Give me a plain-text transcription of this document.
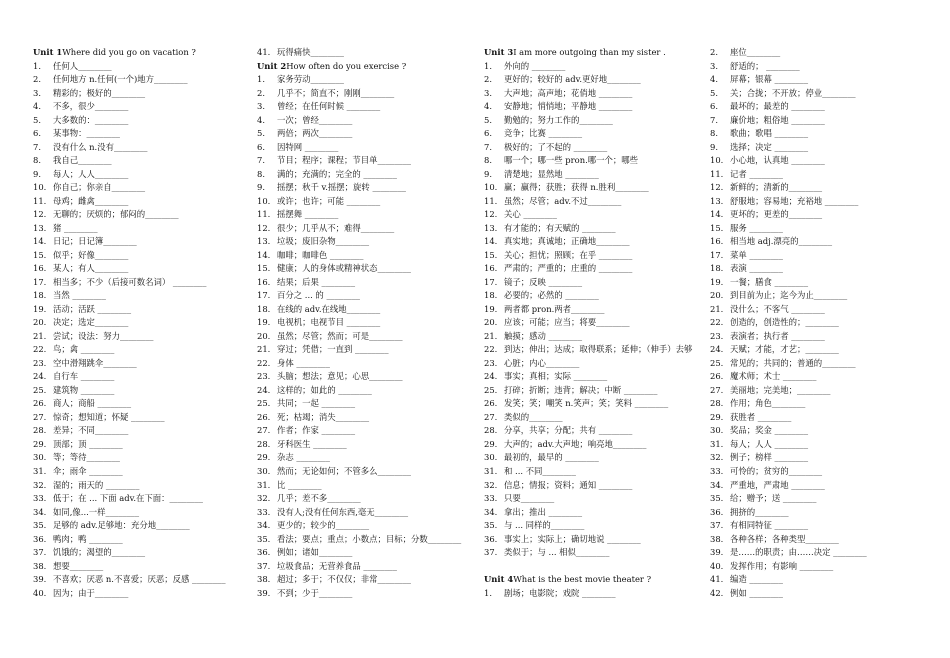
Unit 1 Where did you go on vacation ?
1.	任何人________
2.	任何地方 n.任何(一个)地方________
3.	精彩的；极好的________
4.	不多，很少________
5.	大多数的：________
6.	某事物：________
7.	没有什么 n.没有________
8.	我自己________
9.	每人；人人________
10. 你自己；你亲自________
11. 母鸡；雌禽________
12. 无聊的；厌烦的；郁闷的________
13. 猪 ________
14. 日记；日记簿________
15. 似乎；好像________
16. 某人；有人________
17. 相当多；不少（后接可数名词） ________
18. 当然 ________
19. 活动；活跃 ________
20. 决定；选定________
21. 尝试；设法：努力________
22. 鸟；禽 ________
23. 空中滑翔跳伞________
24. 自行车 ________
25. 建筑物 ________
26. 商人；商船 ________
27. 惊奇；想知道；怀疑 ________
28. 差异；不同________
29. 顶部；顶 ________
30. 等；等待________
31. 伞；雨伞 ________
32. 湿的；雨天的 ________
33. 低于；在 ... 下面 adv.在下面：________
34. 如同,像...一样________
35. 足够的 adv.足够地：充分地________
36. 鸭肉；鸭 ________
37. 饥饿的；渴望的________
38. 想要________
39. 不喜欢；厌恶 n.不喜爱；厌恶；反感 ________
40. 因为；由于________
41. 玩得痛快________
Unit 2 How often do you exercise ?
1.	家务劳动________
2.	几乎不；简直不；刚刚________
3.	曾经；在任何时候 ________
4.	一次；曾经________
5.	两倍；两次________
6.	因特网 ________
7.	节目；程序；课程；节目单________
8.	满的；充满的；完全的 ________
9.	摇摆；秋千 v.摇摆；旋转 ________
10. 或许；也许；可能 ________
11. 摇摆舞 ________
12. 很少；几乎从不；难得________
13. 垃圾；废旧杂物________
14. 咖啡；咖啡色 ________
15. 健康；人的身体或精神状态________
16. 结果；后果 ________
17. 百分之 ... 的 ________
18. 在线的 adv.在线地________
19. 电视机；电视节目 ________
20. 虽然；尽管；然而；可是________
21. 穿过；凭借；一直到 ________
22. 身体 ________
23. 头脑；想法；意见；心思________
24. 这样的；如此的 ________
25. 共同；一起 ________
26. 死；枯竭；消失________
27. 作者；作家 ________
28. 牙科医生 ________
29. 杂志 ________
30. 然而；无论如何；不管多么________
31. 比 ________
32. 几乎；差不多________
33. 没有人;没有任何东西,毫无________
34. 更少的；较少的________
35. 看法；要点；重点；小数点；目标；分数________
36. 例如；诸如________
37. 垃圾食品；无营养食品 ________
38. 超过；多于；不仅仅；非常________
39. 不到；少于________
Unit 3 I am more outgoing than my sister .
1.	外向的 ________
2.	更好的；较好的 adv.更好地________
3.	大声地；高声地；花俏地 ________
4.	安静地；悄悄地；平静地 ________
5.	勤勉的；努力工作的________
6.	竞争；比赛 ________
7.	极好的；了不起的 ________
8.	哪一个；哪一些 pron.哪一个；哪些
9.	清楚地；显然地 ________
10. 赢；赢得；获胜；获得 n.胜利________
11. 虽然；尽管；adv.不过________
12. 关心 ________
13. 有才能的；有天赋的 ________
14. 真实地；真诚地；正确地________
15. 关心；担忧；照顾；在乎 ________
16. 严肃的；严重的；庄重的 ________
17. 镜子；反映 ________
18. 必要的；必然的 ________
19. 两者都 pron.两者________
20. 应该；可能；应当；将要________
21. 触摸；感动 ________
22. 到达；伸出；达成；取得联系；延伸；（伸手）去够
23. 心脏；内心________
24. 事实；真相；实际 ________
25. 打碎；折断；违背；解决；中断 ________
26. 发笑；笑；嘲笑 n.笑声；笑；笑料 ________
27. 类似的________
28. 分享，共享；分配；共有 ________
29. 大声的；adv.大声地；响亮地________
30. 最初的，最早的 ________
31. 和 ... 不同________
32. 信息；情报；资料；通知 ________
33. 只要________
34. 拿出；推出 ________
35. 与 ... 同样的________
36. 事实上；实际上；确切地说 ________
37. 类似于；与 ... 相似________
Unit 4 What is the best movie theater ?
1.	剧场；电影院；戏院 ________
2.	座位________
3.	舒适的； ________
4.	屏幕；银幕 ________
5.	关；合拢；不开放；停业________
6.	最坏的；最差的 ________
7.	廉价地；粗俗地 ________
8.	歌曲；歌唱 ________
9.	选择；决定 ________
10. 小心地，认真地 ________
11. 记者 ________
12. 新鲜的；清新的________
13. 舒服地；容易地；充裕地 ________
14. 更坏的；更差的________
15. 服务 ________
16. 相当地 adj.漂亮的________
17. 菜单 ________
18. 表演 ________
19. 一餐；膳食 ________
20. 到目前为止；迄今为止________
21. 没什么；不客气 ________
22. 创造的，创造性的；________
23. 表演者；执行者 ________
24. 天赋；才能，才艺；________
25. 常见的；共同的；普通的________
26. 魔术师；术士 ________
27. 美丽地；完美地；________
28. 作用；角色________
29. 获胜者 ________
30. 奖品；奖金 ________
31. 每人；人人 ________
32. 例子；榜样 ________
33. 可怜的；贫穷的________
34. 严重地，严肃地 ________
35. 给；赠予；送 ________
36. 拥挤的________
37. 有相同特征 ________
38. 各种各样；各种类型________
39. 是……的职责；由……决定 ________
40. 发挥作用；有影响 ________
41. 编造 ________
42. 例如 ________
